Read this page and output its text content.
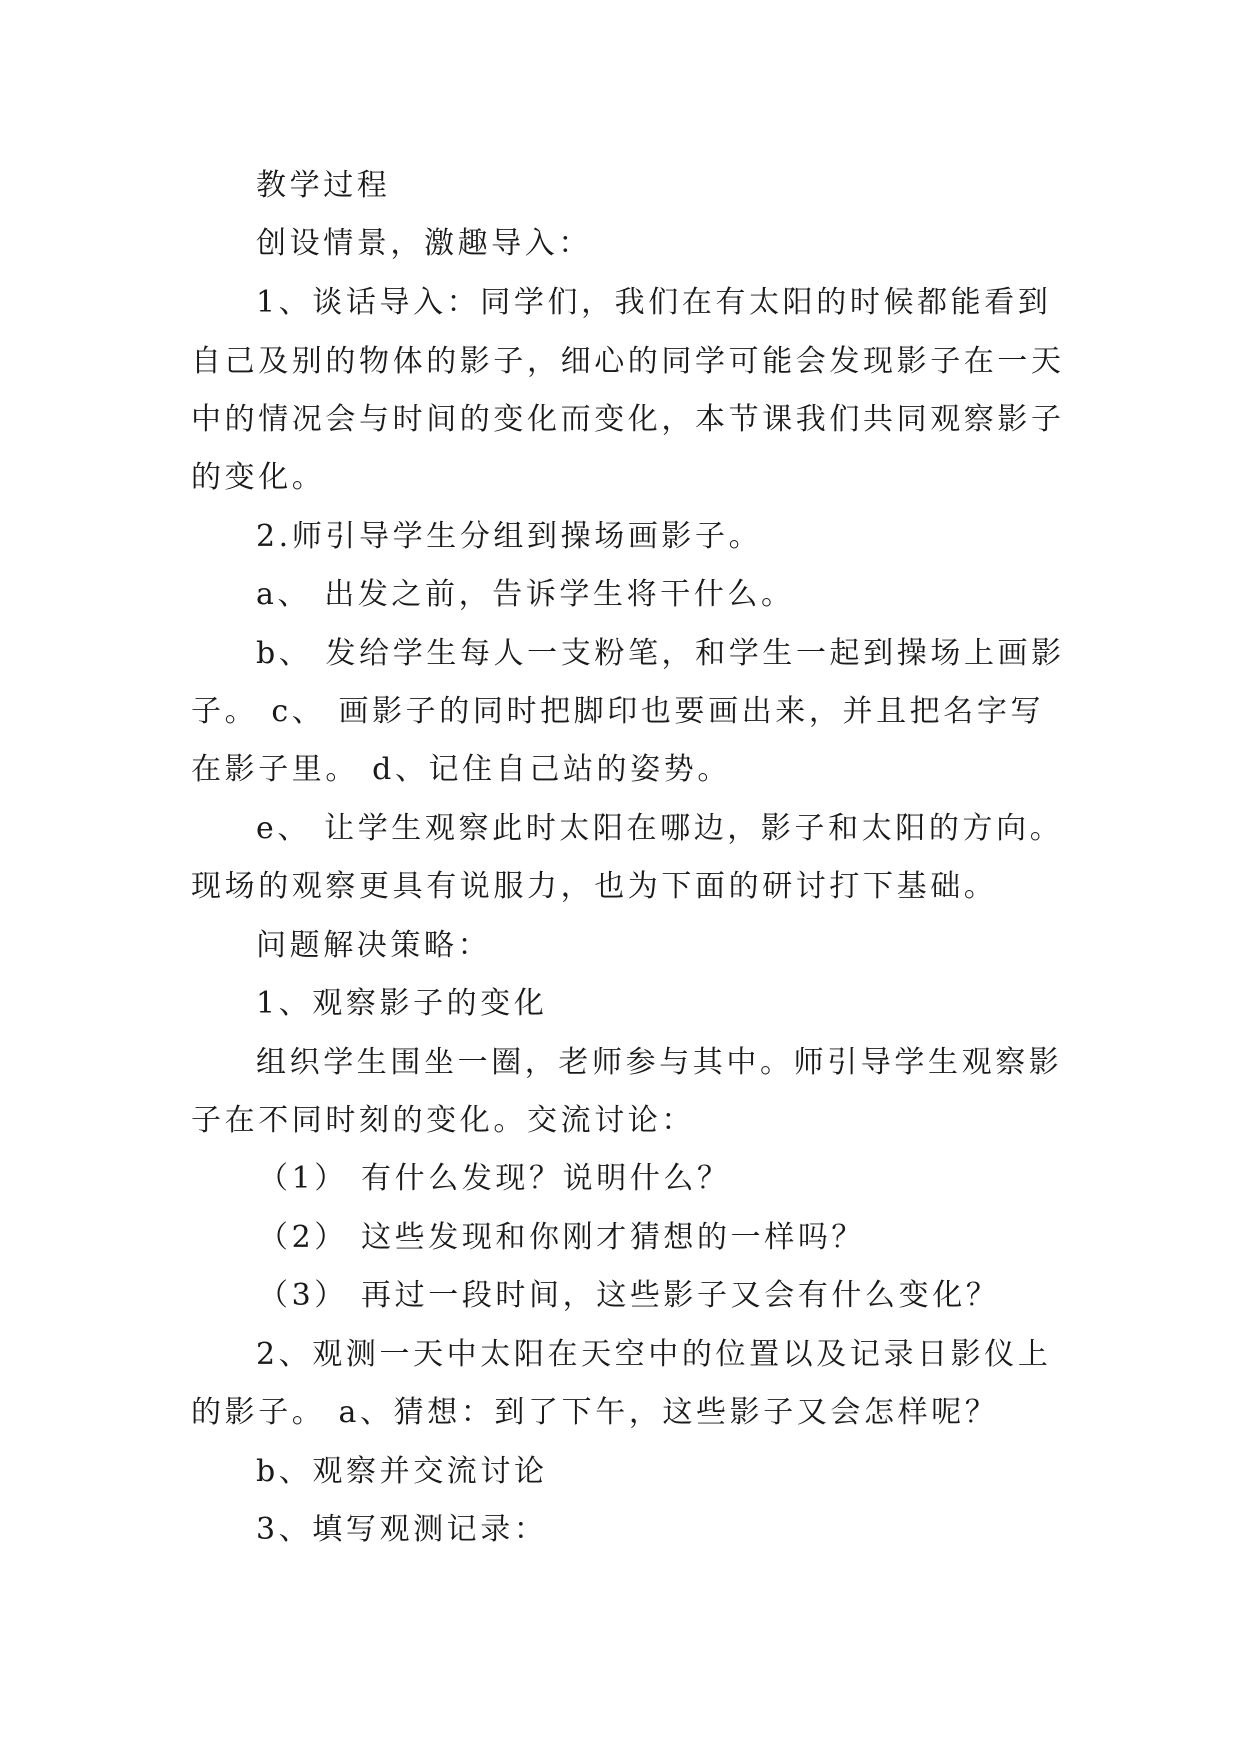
教学过程
创设情景，激趣导入：
1、谈话导入：同学们，我们在有太阳的时候都能看到
自己及别的物体的影子，细心的同学可能会发现影子在一天
中的情况会与时间的变化而变化，本节课我们共同观察影子
的变化。
2.师引导学生分组到操场画影子。
a、 出发之前，告诉学生将干什么。
b、 发给学生每人一支粉笔，和学生一起到操场上画影
子。 c、 画影子的同时把脚印也要画出来，并且把名字写
在影子里。 d、记住自己站的姿势。
e、 让学生观察此时太阳在哪边，影子和太阳的方向。
现场的观察更具有说服力，也为下面的研讨打下基础。
问题解决策略：
1、观察影子的变化
组织学生围坐一圈，老师参与其中。师引导学生观察影
子在不同时刻的变化。交流讨论：
（1） 有什么发现？说明什么？
（2） 这些发现和你刚才猜想的一样吗？
（3） 再过一段时间，这些影子又会有什么变化？
2、观测一天中太阳在天空中的位置以及记录日影仪上
的影子。 a、猜想：到了下午，这些影子又会怎样呢？
b、观察并交流讨论
3、填写观测记录：
